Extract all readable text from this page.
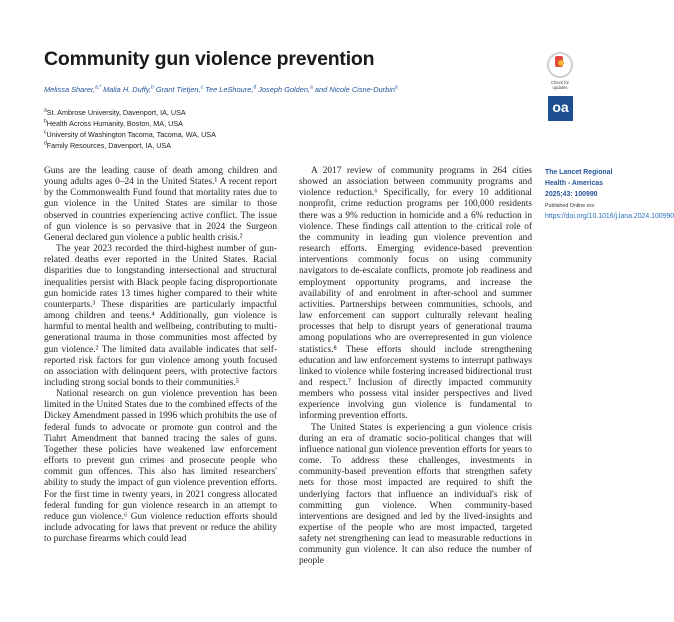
Community gun violence prevention
Melissa Sharer,$^{a,*}$ Malia H. Duffy,$^b$ Grant Tietjen,$^c$ Tee LeShoure,$^d$ Joseph Golden,$^a$ and Nicole Cisne-Durbin$^a$
$^a$St. Ambrose University, Davenport, IA, USA
$^b$Health Across Humanity, Boston, MA, USA
$^c$University of Washington Tacoma, Tacoma, WA, USA
$^d$Family Resources, Davenport, IA, USA
Check for updates
oa
The Lancet Regional Health - Americas
2025;43: 100990
Published Online xxx
https://doi.org/10.1016/j.lana.2024.100990

Guns are the leading cause of death among children and young adults ages 0–24 in the United States.¹ A recent report by the Commonwealth Fund found that mortality rates due to gun violence in the United States are similar to those observed in countries experiencing active conflict. The issue of gun violence is so pervasive that in 2024 the Surgeon General declared gun violence a public health crisis.²

The year 2023 recorded the third-highest number of gun-related deaths ever reported in the United States. Racial disparities due to longstanding intersectional and structural inequalities persist with Black people facing disproportionate gun homicide rates 13 times higher compared to their white counterparts.³ These disparities are particularly impactful among children and teens.⁴ Additionally, gun violence is harmful to mental health and wellbeing, contributing to multi-generational trauma in those communities most affected by gun violence.² The limited data available indicates that self-reported risk factors for gun violence among youth focused on association with delinquent peers, with protective factors including strong social bonds to their communities.⁵

National research on gun violence prevention has been limited in the United States due to the combined effects of the Dickey Amendment passed in 1996 which prohibits the use of federal funds to advocate or promote gun control and the Tiahrt Amendment that banned tracing the sales of guns. Together these policies have weakened law enforcement efforts to prevent gun crimes and prosecute people who commit gun offences. This also has limited researchers' ability to study the impact of gun violence prevention efforts. For the first time in twenty years, in 2021 congress allocated federal funding for gun violence research in an attempt to reduce gun violence.⁶ Gun violence reduction efforts should include advocating for laws that prevent or reduce the ability to purchase firearms which could lead

A 2017 review of community programs in 264 cities showed an association between community programs and violence reduction.⁶ Specifically, for every 10 additional nonprofit, crime reduction programs per 100,000 residents there was a 9% reduction in homicide and a 6% reduction in violence. These findings call attention to the critical role of the community in leading gun violence prevention and research efforts. Emerging evidence-based prevention interventions commonly focus on using community navigators to de-escalate conflicts, promote job readiness and employment opportunity programs, and increase the availability of and enrolment in after-school and summer activities. Partnerships between communities, schools, and law enforcement can support culturally relevant healing processes that help to disrupt years of generational trauma among populations who are overrepresented in gun violence statistics.⁸ These efforts should include strengthening education and law enforcement systems to interrupt pathways linked to violence while fostering increased bidirectional trust and respect.⁷ Inclusion of directly impacted community members who possess vital insider perspectives and lived experience involving gun violence is fundamental to informing prevention efforts.

The United States is experiencing a gun violence crisis during an era of dramatic socio-political changes that will influence national gun violence prevention efforts for years to come. To address these challenges, investments in community-based prevention efforts that strengthen safety nets for those most impacted are required to shift the underlying factors that influence an individual's risk of committing gun violence. When community-based interventions are designed and led by the lived-insights and expertise of the people who are most impacted, targeted safety net strengthening can lead to measurable reductions in community gun violence. It can also reduce the number of people
